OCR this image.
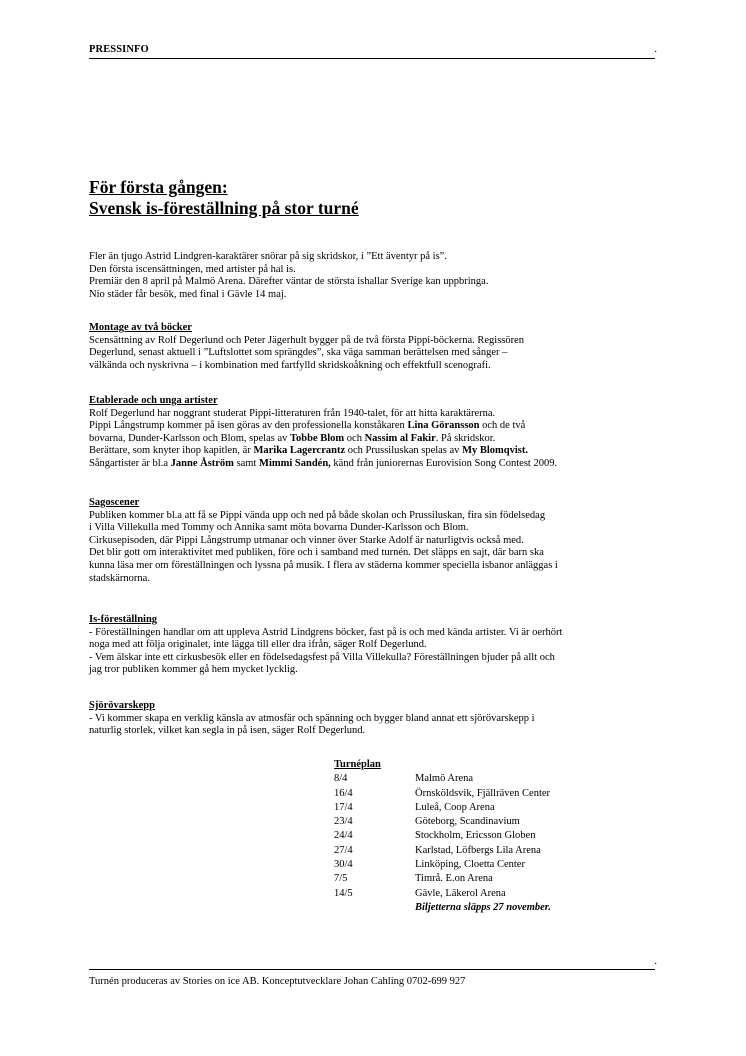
PRESSINFO	.
För första gången:
Svensk is-föreställning på stor turné
Fler än tjugo Astrid Lindgren-karaktärer snörar på sig skridskor, i ”Ett äventyr på is”.
Den första iscensättningen, med artister på hal is.
Premiär den 8 april på Malmö Arena. Därefter väntar de största ishallar Sverige kan uppbringa.
Nio städer får besök, med final i Gävle 14 maj.
Montage av två böcker
Scensättning av Rolf Degerlund och Peter Jägerhult bygger på de två första Pippi-böckerna. Regissören
Degerlund, senast aktuell i ”Luftslottet som sprängdes”, ska väga samman berättelsen med sånger –
välkända och nyskrivna – i kombination med fartfylld skridskoåkning och effektfull scenografi.
Etablerade och unga artister
Rolf Degerlund har noggrant studerat Pippi-litteraturen från 1940-talet, för att hitta karaktärerna.
Pippi Långstrump kommer på isen göras av den professionella konståkaren Lina Göransson och de två
bovarna, Dunder-Karlsson och Blom, spelas av Tobbe Blom och Nassim al Fakir. På skridskor.
Berättare, som knyter ihop kapitlen, är Marika Lagercrantz och Prussiluskan spelas av My Blomqvist.
Sångartister är bl.a Janne Åström samt Mimmi Sandén, känd från juniorernas Eurovision Song Contest 2009.
Sagoscener
Publiken kommer bl.a att få se Pippi vända upp och ned på både skolan och Prussiluskan, fira sin födelsedag
i Villa Villekulla med Tommy och Annika samt möta bovarna Dunder-Karlsson och Blom.
Cirkusepisoden, där Pippi Långstrump utmanar och vinner över Starke Adolf är naturligtvis också med.
Det blir gott om interaktivitet med publiken, före och i samband med turnén. Det släpps en sajt, där barn ska
kunna läsa mer om föreställningen och lyssna på musik. I flera av städerna kommer speciella isbanor anläggas i
stadskärnorna.
Is-föreställning
- Föreställningen handlar om att uppleva Astrid Lindgrens böcker, fast på is och med kända artister. Vi är oerhört
noga med att följa originalet, inte lägga till eller dra ifrån, säger Rolf Degerlund.
- Vem älskar inte ett cirkusbesök eller en födelsedagsfest på Villa Villekulla? Föreställningen bjuder på allt och
jag tror publiken kommer gå hem mycket lycklig.
Sjörövarskepp
- Vi kommer skapa en verklig känsla av atmosfär och spänning och bygger bland annat ett sjörövarskepp i
naturlig storlek, vilket kan segla in på isen, säger Rolf Degerlund.
Turnéplan
8/4	Malmö Arena
16/4	Örnsköldsvik, Fjällräven Center
17/4	Luleå, Coop Arena
23/4	Göteborg, Scandinavium
24/4	Stockholm, Ericsson Globen
27/4	Karlstad, Löfbergs Lila Arena
30/4	Linköping, Cloetta Center
7/5	Timrå. E.on Arena
14/5	Gävle, Läkerol Arena
Biljetterna släpps 27 november.
.
Turnén produceras av Stories on ice AB. Konceptutvecklare Johan Cahling 0702-699 927
